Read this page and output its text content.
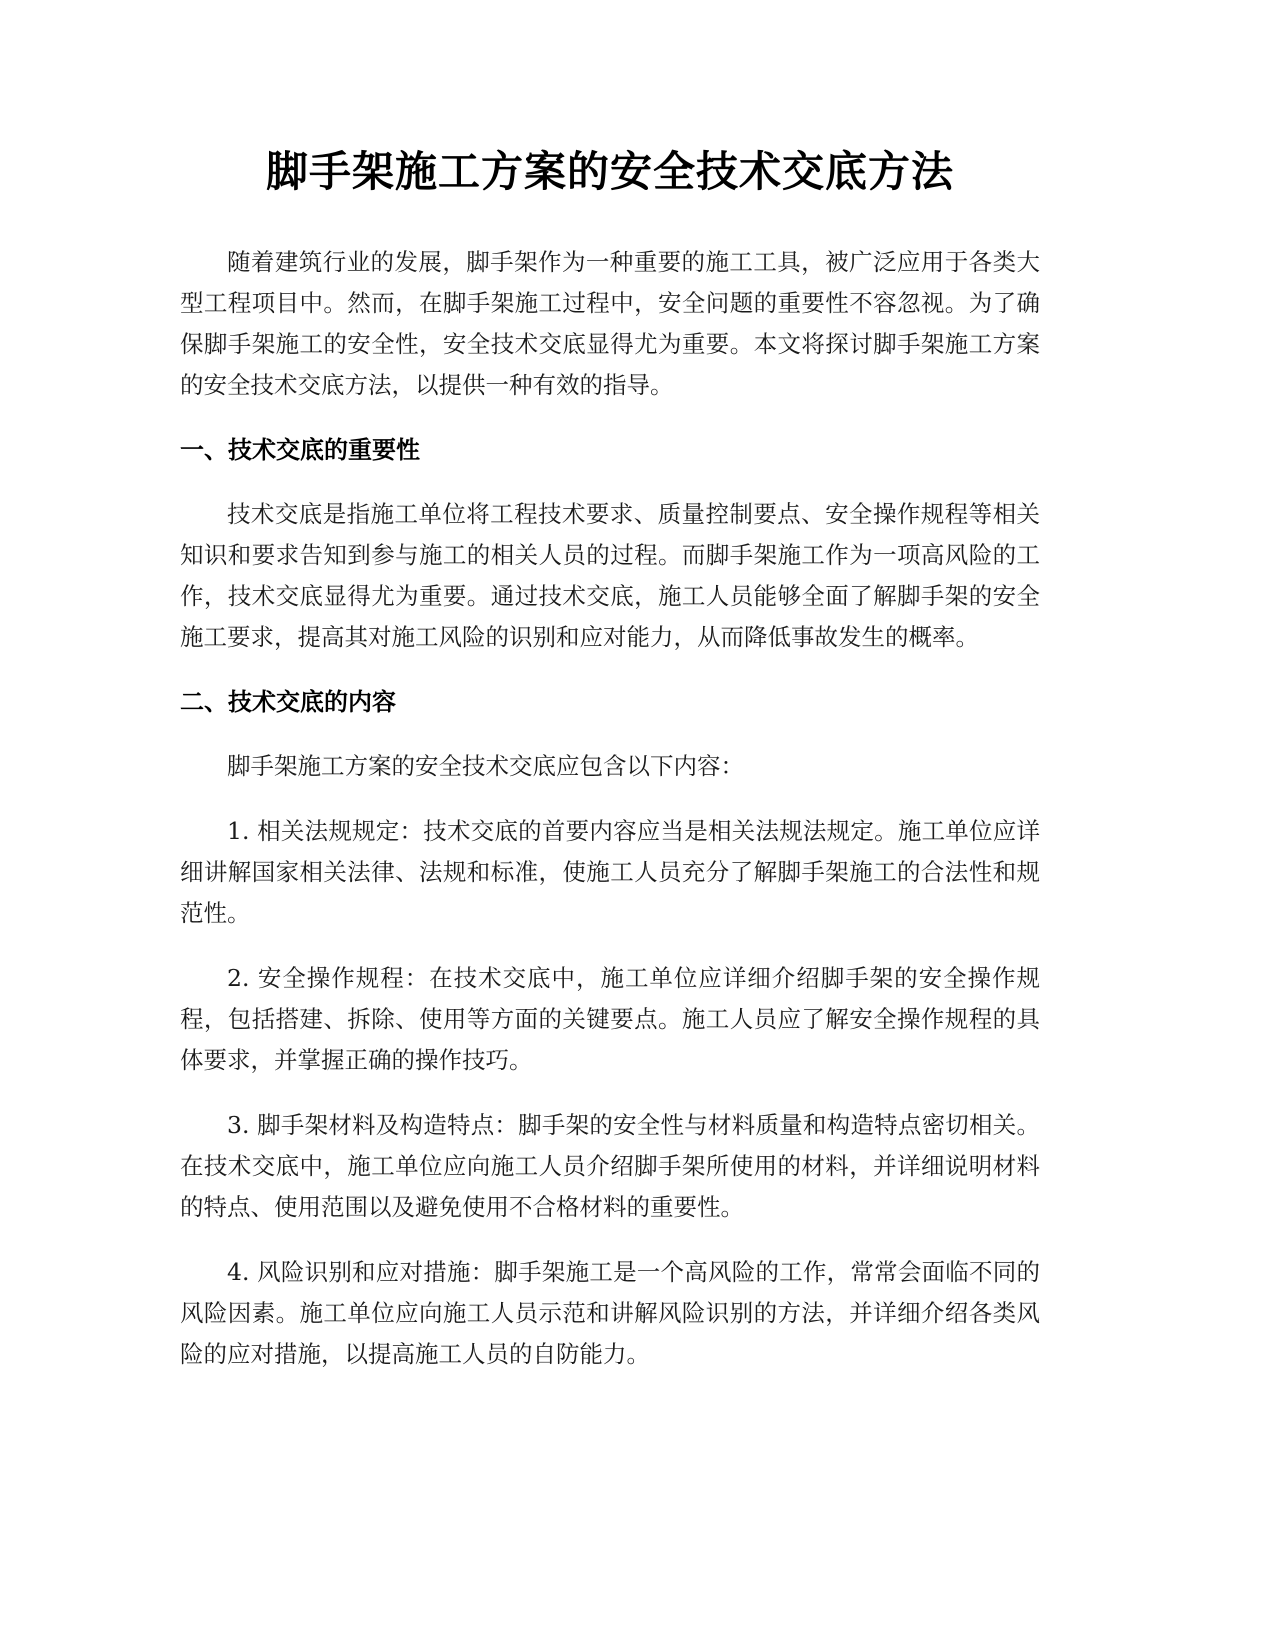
脚手架施工方案的安全技术交底方法

随着建筑行业的发展，脚手架作为一种重要的施工工具，被广泛应用于各类大型工程项目中。然而，在脚手架施工过程中，安全问题的重要性不容忽视。为了确保脚手架施工的安全性，安全技术交底显得尤为重要。本文将探讨脚手架施工方案的安全技术交底方法，以提供一种有效的指导。

一、技术交底的重要性

技术交底是指施工单位将工程技术要求、质量控制要点、安全操作规程等相关知识和要求告知到参与施工的相关人员的过程。而脚手架施工作为一项高风险的工作，技术交底显得尤为重要。通过技术交底，施工人员能够全面了解脚手架的安全施工要求，提高其对施工风险的识别和应对能力，从而降低事故发生的概率。

二、技术交底的内容

脚手架施工方案的安全技术交底应包含以下内容：

1. 相关法规规定：技术交底的首要内容应当是相关法规法规定。施工单位应详细讲解国家相关法律、法规和标准，使施工人员充分了解脚手架施工的合法性和规范性。

2. 安全操作规程：在技术交底中，施工单位应详细介绍脚手架的安全操作规程，包括搭建、拆除、使用等方面的关键要点。施工人员应了解安全操作规程的具体要求，并掌握正确的操作技巧。

3. 脚手架材料及构造特点：脚手架的安全性与材料质量和构造特点密切相关。在技术交底中，施工单位应向施工人员介绍脚手架所使用的材料，并详细说明材料的特点、使用范围以及避免使用不合格材料的重要性。

4. 风险识别和应对措施：脚手架施工是一个高风险的工作，常常会面临不同的风险因素。施工单位应向施工人员示范和讲解风险识别的方法，并详细介绍各类风险的应对措施，以提高施工人员的自防能力。
